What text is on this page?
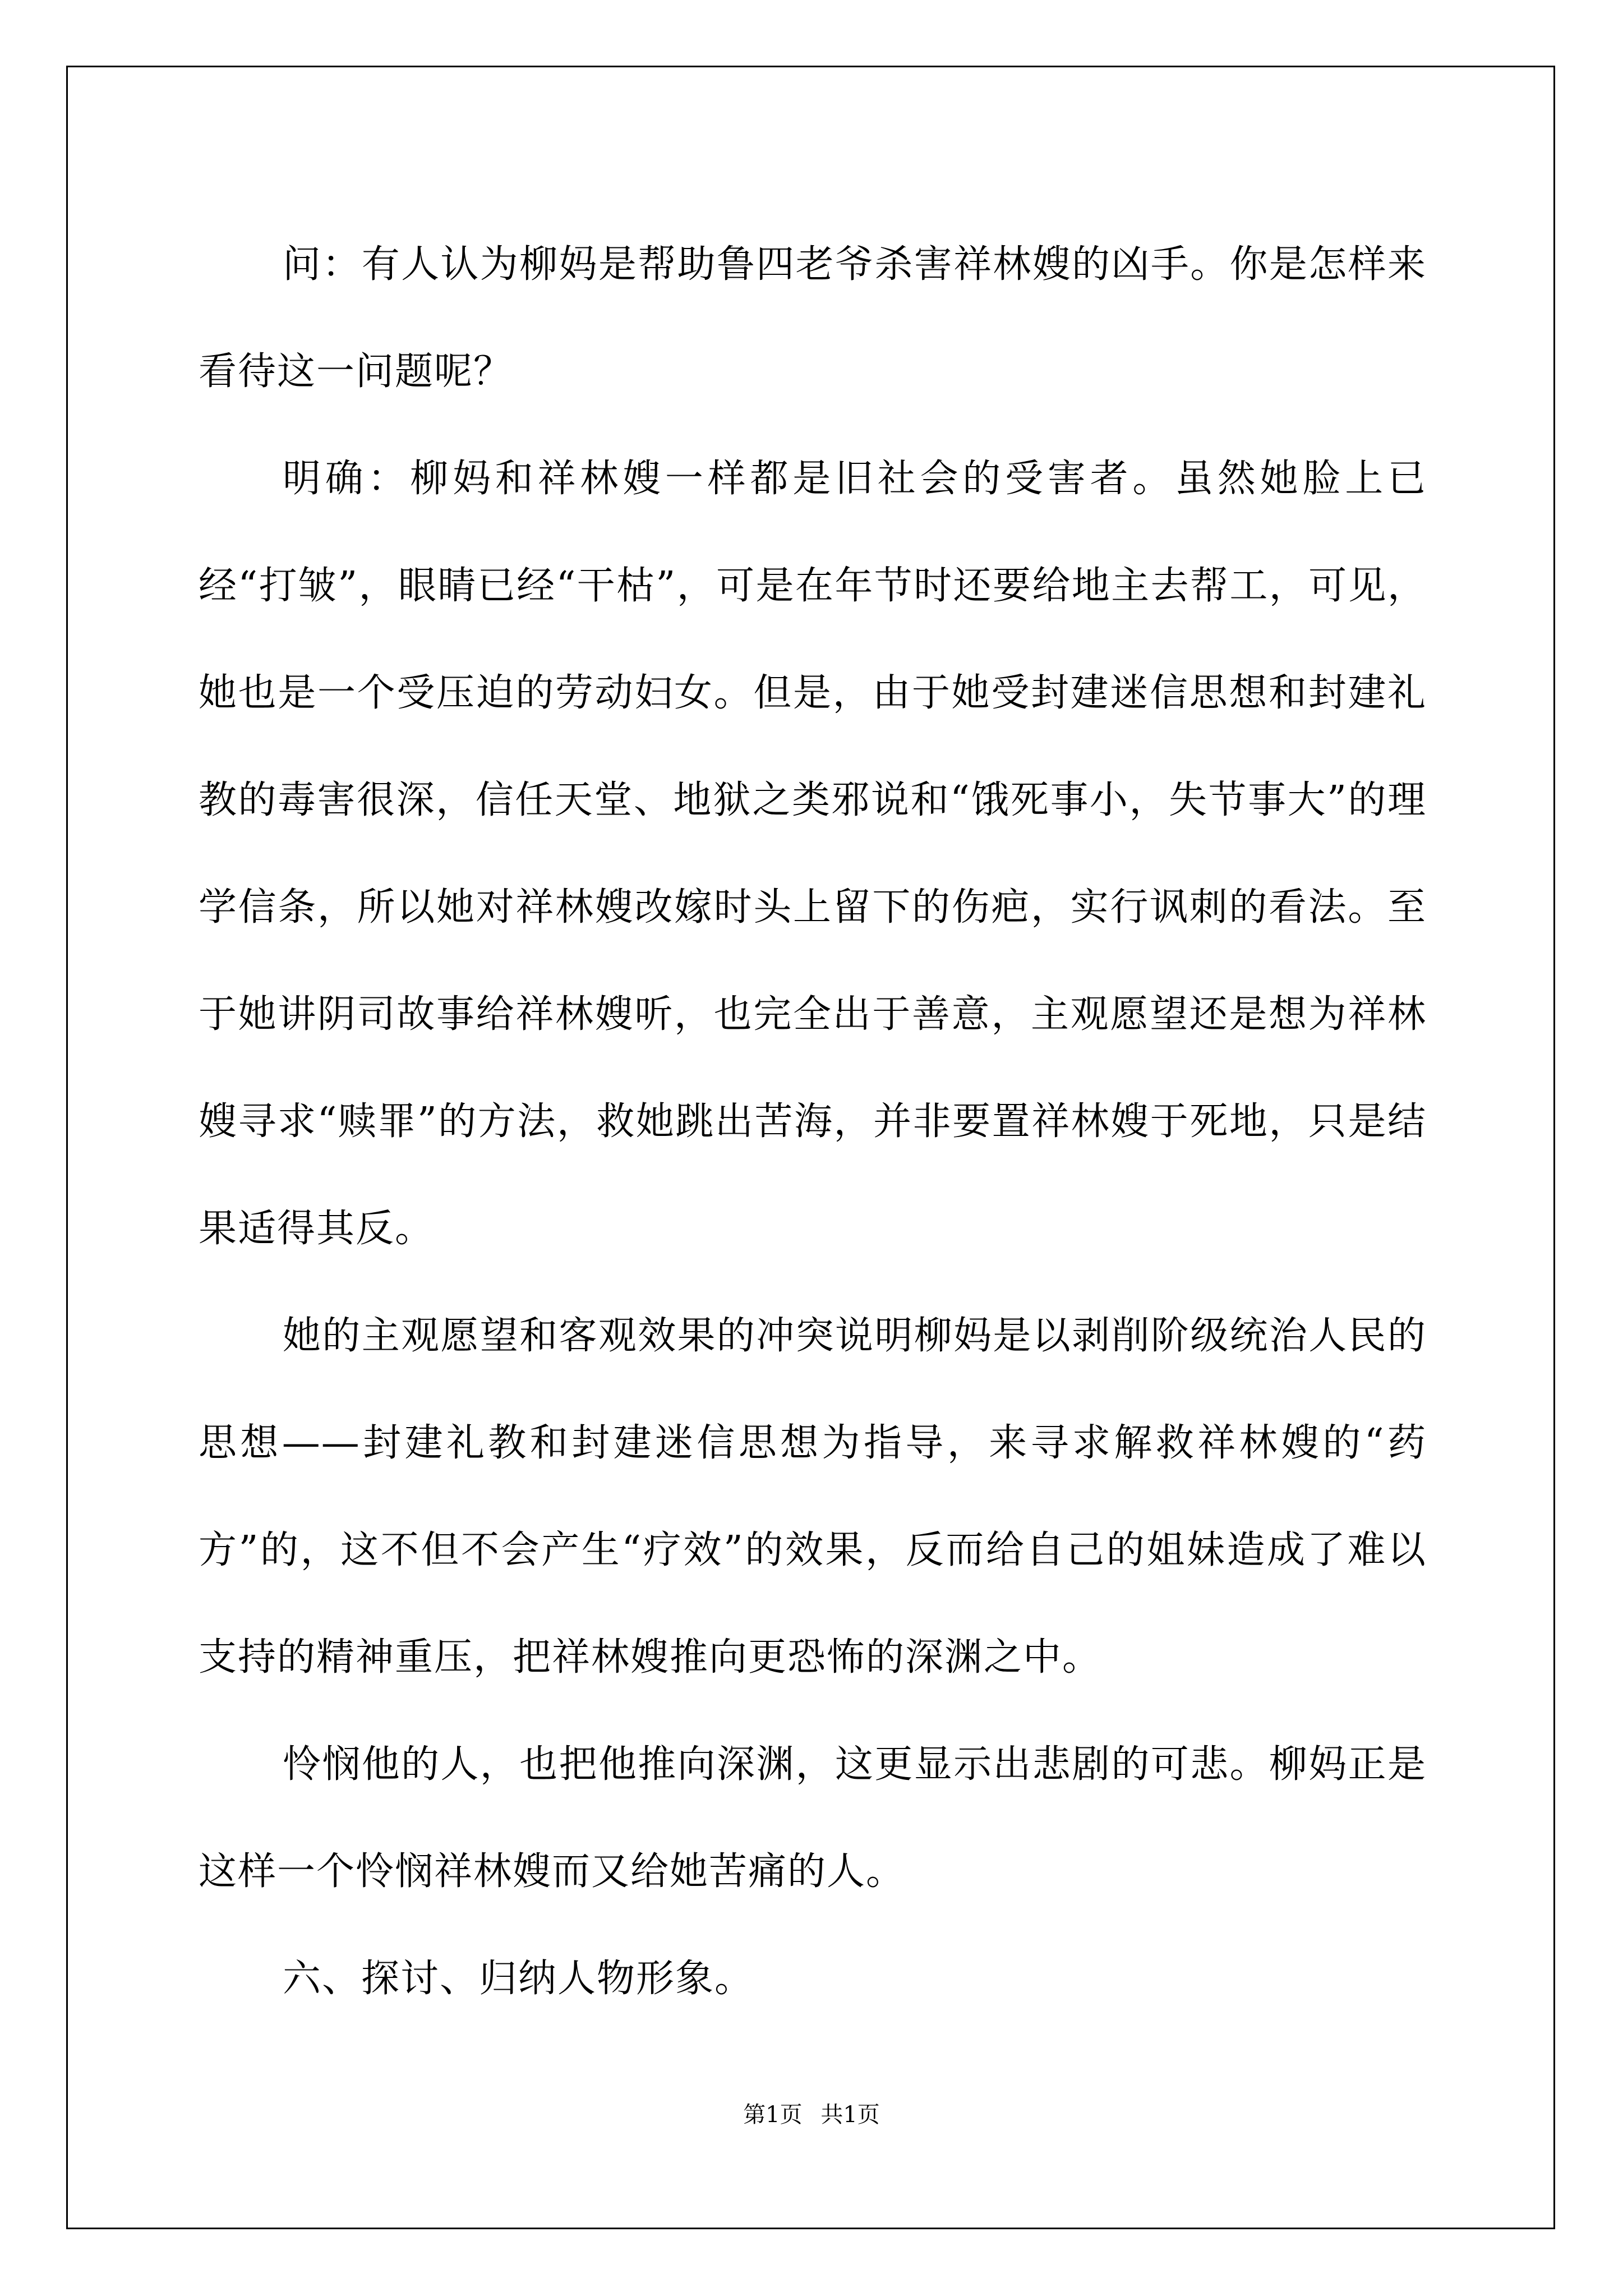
问：有人认为柳妈是帮助鲁四老爷杀害祥林嫂的凶手。你是怎样来看待这一问题呢？

明确：柳妈和祥林嫂一样都是旧社会的受害者。虽然她脸上已经“打皱”，眼睛已经“干枯”，可是在年节时还要给地主去帮工，可见，她也是一个受压迫的劳动妇女。但是，由于她受封建迷信思想和封建礼教的毒害很深，信任天堂、地狱之类邪说和“饿死事小，失节事大”的理学信条，所以她对祥林嫂改嫁时头上留下的伤疤，实行讽刺的看法。至于她讲阴司故事给祥林嫂听，也完全出于善意，主观愿望还是想为祥林嫂寻求“赎罪”的方法，救她跳出苦海，并非要置祥林嫂于死地，只是结果适得其反。

她的主观愿望和客观效果的冲突说明柳妈是以剥削阶级统治人民的思想——封建礼教和封建迷信思想为指导，来寻求解救祥林嫂的“药方”的，这不但不会产生“疗效”的效果，反而给自己的姐妹造成了难以支持的精神重压，把祥林嫂推向更恐怖的深渊之中。

怜悯他的人，也把他推向深渊，这更显示出悲剧的可悲。柳妈正是这样一个怜悯祥林嫂而又给她苦痛的人。

六、探讨、归纳人物形象。

第1页 共1页
